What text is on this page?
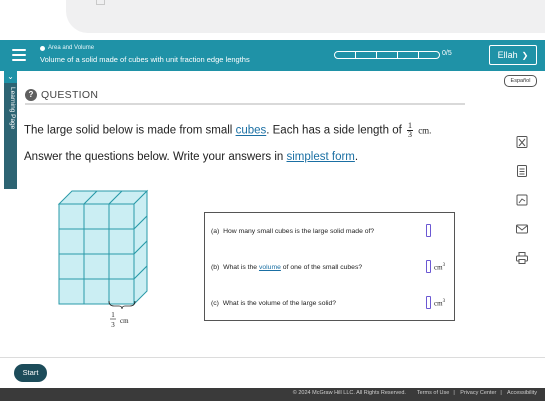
Area and Volume
Volume of a solid made of cubes with unit fraction edge lengths
0/5	Ellah ❯
⌄
Learning Page
Español
? QUESTION
The large solid below is made from small cubes. Each has a side length of $\frac{1}{3}$ cm.
Answer the questions below. Write your answers in simplest form.
1
3 cm

(a) How many small cubes is the large solid made of?
(b) What is the volume of one of the small cubes?	$cm^3$
(c) What is the volume of the large solid?	$cm^3$
Start
© 2024 McGraw Hill LLC. All Rights Reserved. Terms of Use | Privacy Center | Accessibility
